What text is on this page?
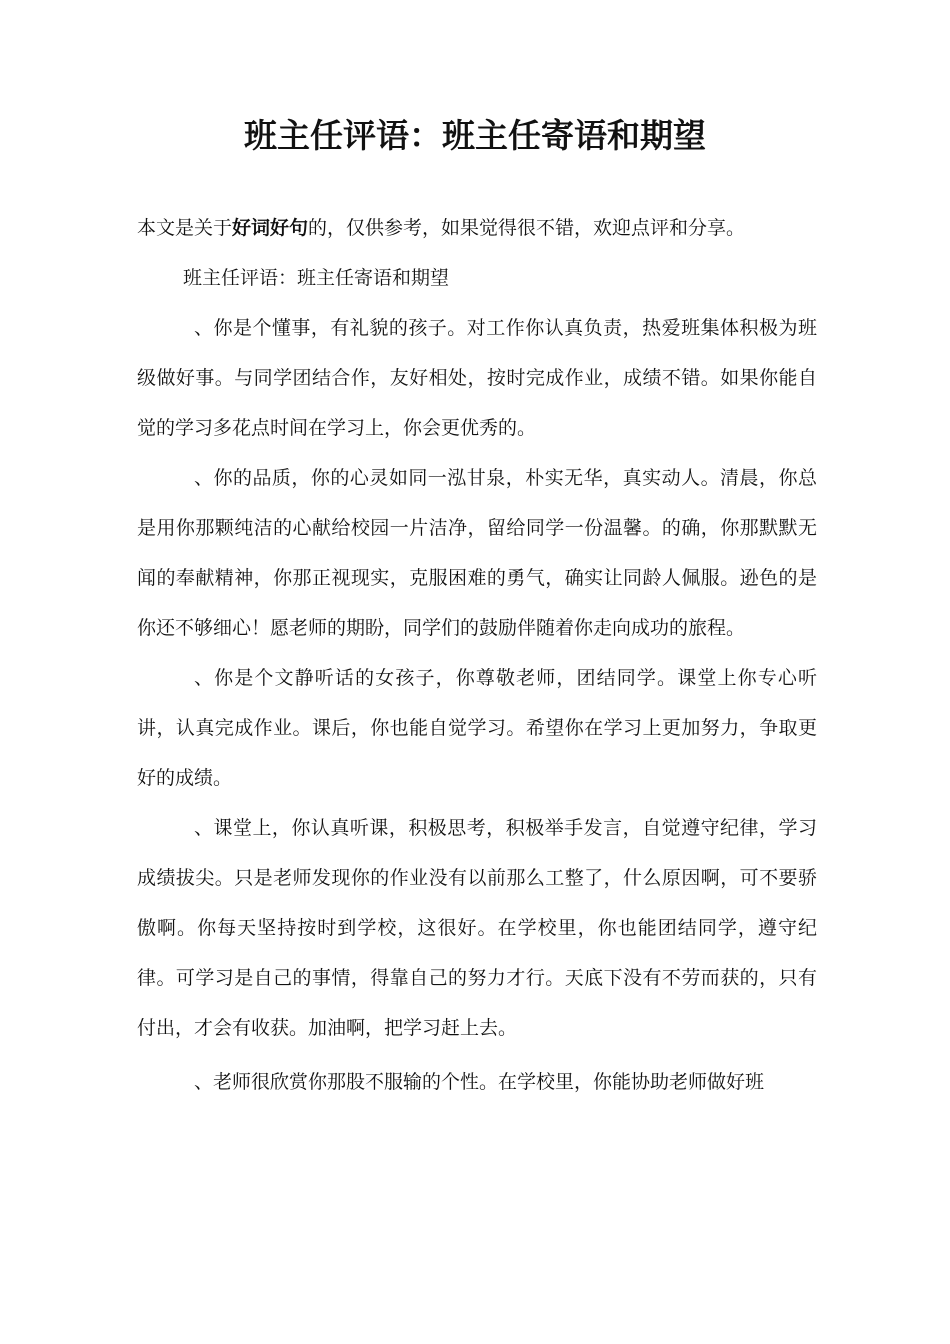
班主任评语：班主任寄语和期望

本文是关于好词好句的，仅供参考，如果觉得很不错，欢迎点评和分享。

班主任评语：班主任寄语和期望

、你是个懂事，有礼貌的孩子。对工作你认真负责，热爱班集体积极为班级做好事。与同学团结合作，友好相处，按时完成作业，成绩不错。如果你能自觉的学习多花点时间在学习上，你会更优秀的。

、你的品质，你的心灵如同一泓甘泉，朴实无华，真实动人。清晨，你总是用你那颗纯洁的心献给校园一片洁净，留给同学一份温馨。的确，你那默默无闻的奉献精神，你那正视现实，克服困难的勇气，确实让同龄人佩服。逊色的是你还不够细心！愿老师的期盼，同学们的鼓励伴随着你走向成功的旅程。

、你是个文静听话的女孩子，你尊敬老师，团结同学。课堂上你专心听讲，认真完成作业。课后，你也能自觉学习。希望你在学习上更加努力，争取更好的成绩。

、课堂上，你认真听课，积极思考，积极举手发言，自觉遵守纪律，学习成绩拔尖。只是老师发现你的作业没有以前那么工整了，什么原因啊，可不要骄傲啊。你每天坚持按时到学校，这很好。在学校里，你也能团结同学，遵守纪律。可学习是自己的事情，得靠自己的努力才行。天底下没有不劳而获的，只有付出，才会有收获。加油啊，把学习赶上去。

、老师很欣赏你那股不服输的个性。在学校里，你能协助老师做好班
